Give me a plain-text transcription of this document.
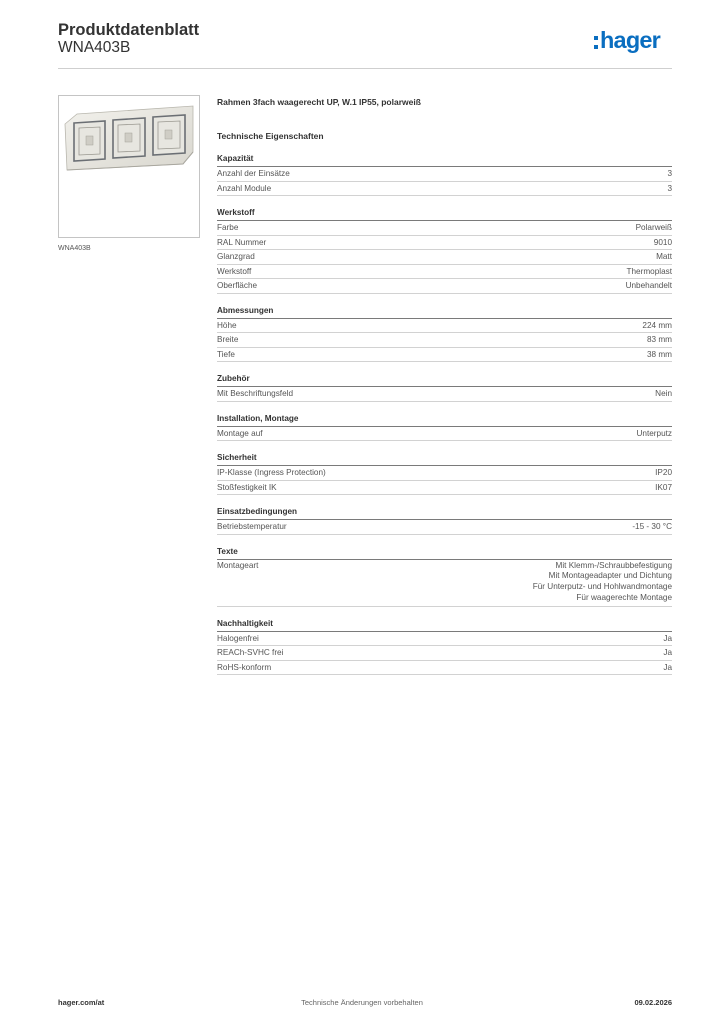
Produktdatenblatt
WNA403B	hager
WNA403B
Rahmen 3fach waagerecht UP, W.1 IP55, polarweiß
Technische Eigenschaften
Kapazität
Anzahl der Einsätze	3
Anzahl Module	3
Werkstoff
Farbe	Polarweiß
RAL Nummer	9010
Glanzgrad	Matt
Werkstoff	Thermoplast
Oberfläche	Unbehandelt
Abmessungen
Höhe	224 mm
Breite	83 mm
Tiefe	38 mm
Zubehör
Mit Beschriftungsfeld	Nein
Installation, Montage
Montage auf	Unterputz
Sicherheit
IP-Klasse (Ingress Protection)	IP20
Stoßfestigkeit IK	IK07
Einsatzbedingungen
Betriebstemperatur	-15 - 30 °C
Texte
Montageart	Mit Klemm-/Schraubbefestigung
Mit Montageadapter und Dichtung
Für Unterputz- und Hohlwandmontage
Für waagerechte Montage
Nachhaltigkeit
Halogenfrei	Ja
REACh-SVHC frei	Ja
RoHS-konform	Ja
hager.com/at	Technische Änderungen vorbehalten	09.02.2026
